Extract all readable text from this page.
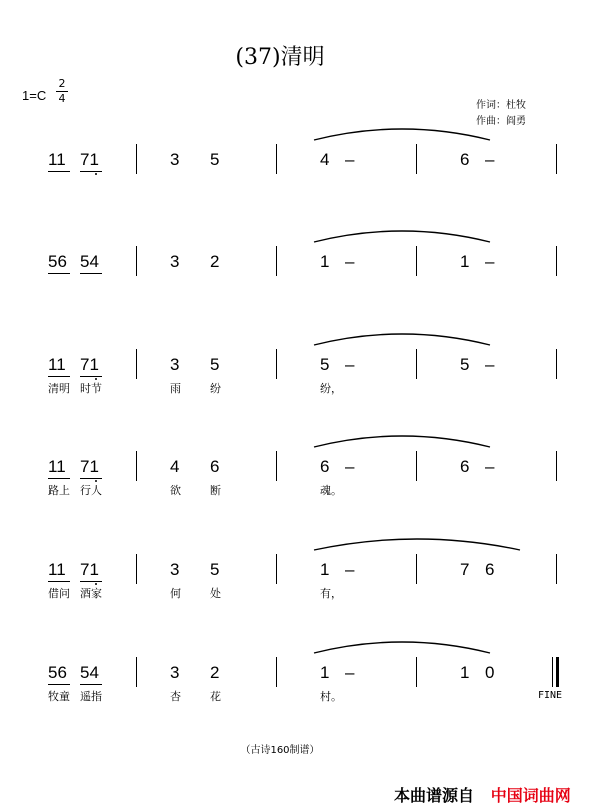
(37)清明
1=C
2
4
作词：杜牧
作曲：阎勇
11 71	3 5	4 –	6 –
56 54	3 2	1 –	1 –
11 71	3 5	5 –	5 –
清明 时节	雨	纷	纷，
11 71	4 6	6 –	6 –
路上 行人	欲	断	魂。
11 71	3 5	1 –	7 6
借问 酒家	何	处	有，
56 54	3 2	1 –	1 0
牧童 遥指	杏	花	村。	FINE
（古诗160制谱）
本曲谱源自 中国词曲网
